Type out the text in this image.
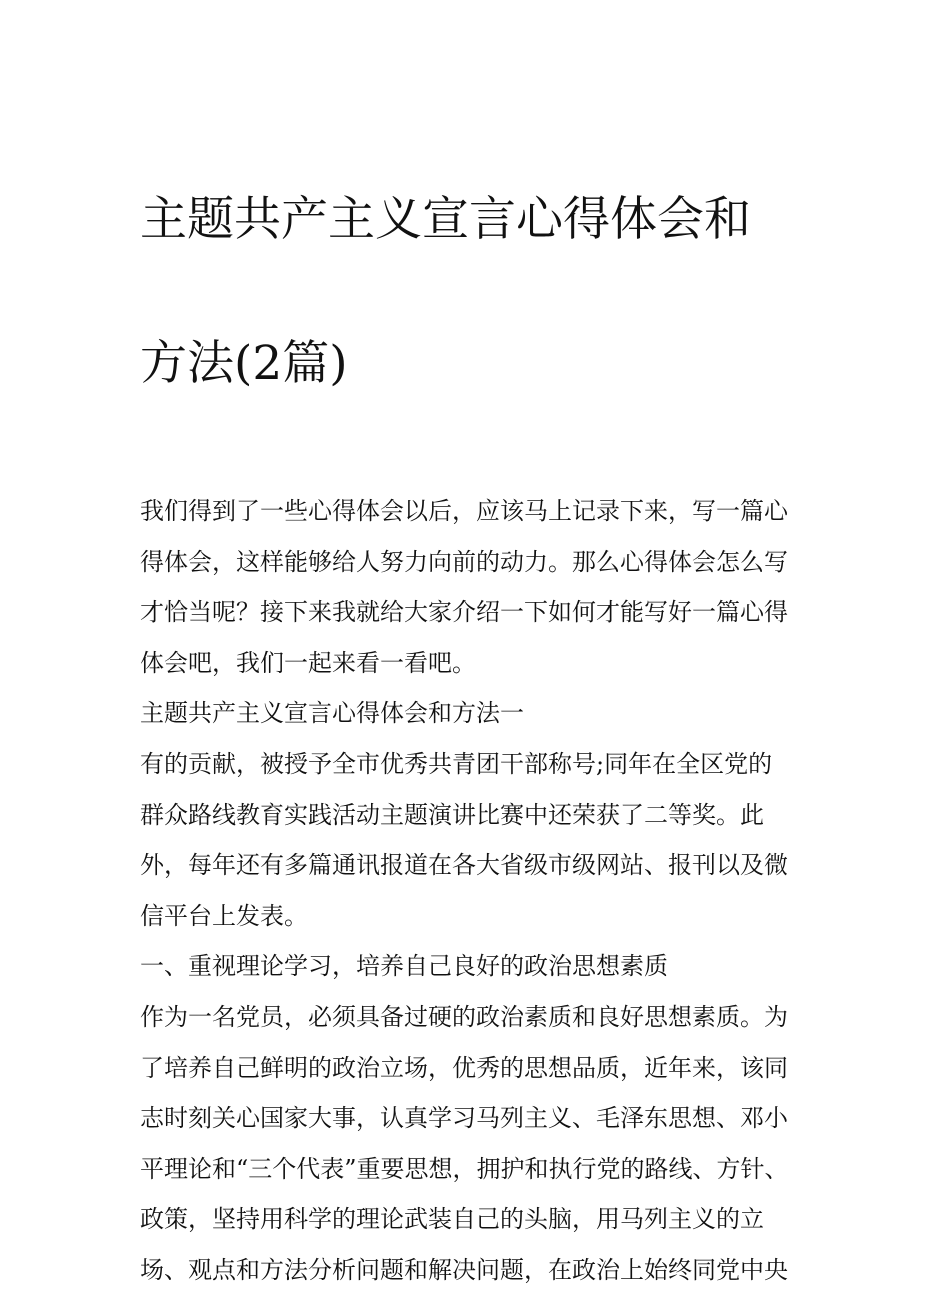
主题共产主义宣言心得体会和

方法(2篇)

我们得到了一些心得体会以后，应该马上记录下来，写一篇心
得体会，这样能够给人努力向前的动力。那么心得体会怎么写
才恰当呢？接下来我就给大家介绍一下如何才能写好一篇心得
体会吧，我们一起来看一看吧。
主题共产主义宣言心得体会和方法一
有的贡献，被授予全市优秀共青团干部称号;同年在全区党的
群众路线教育实践活动主题演讲比赛中还荣获了二等奖。此
外，每年还有多篇通讯报道在各大省级市级网站、报刊以及微
信平台上发表。
一、重视理论学习，培养自己良好的政治思想素质
作为一名党员，必须具备过硬的政治素质和良好思想素质。为
了培养自己鲜明的政治立场，优秀的思想品质，近年来，该同
志时刻关心国家大事，认真学习马列主义、毛泽东思想、邓小
平理论和“三个代表”重要思想，拥护和执行党的路线、方针、
政策，坚持用科学的理论武装自己的头脑，用马列主义的立
场、观点和方法分析问题和解决问题，在政治上始终同党中央
